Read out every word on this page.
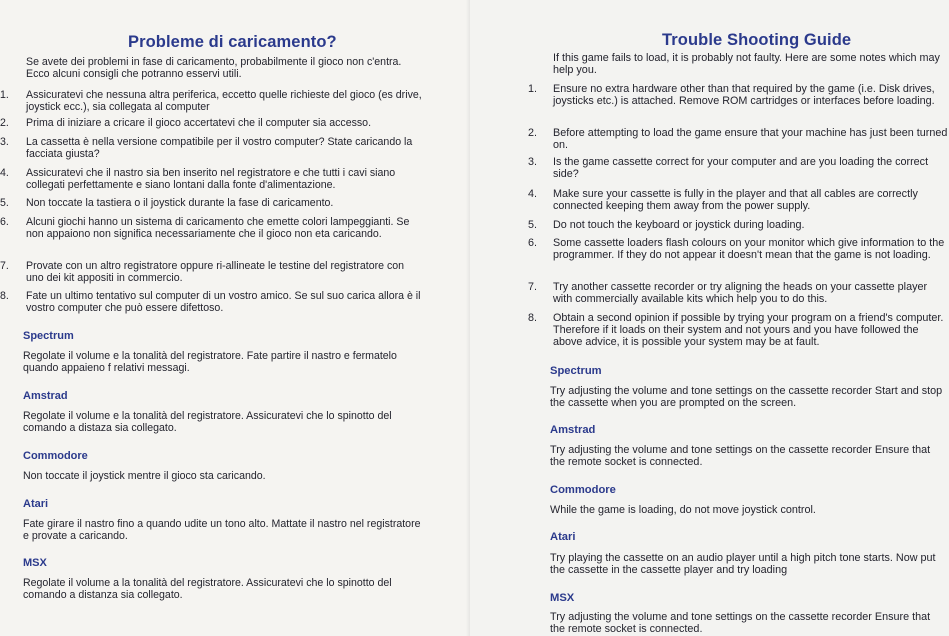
Probleme di caricamento?
Se avete dei problemi in fase di caricamento, probabilmente il gioco non c'entra. Ecco alcuni consigli che potranno esservi utili.
1. Assicuratevi che nessuna altra periferica, eccetto quelle richieste del gioco (es drive, joystick ecc.), sia collegata al computer
2. Prima di iniziare a cricare il gioco accertatevi che il computer sia accesso.
3. La cassetta è nella versione compatibile per il vostro computer? State caricando la facciata giusta?
4. Assicuratevi che il nastro sia ben inserito nel registratore e che tutti i cavi siano collegati perfettamente e siano lontani dalla fonte d'alimentazione.
5. Non toccate la tastiera o il joystick durante la fase di caricamento.
6. Alcuni giochi hanno un sistema di caricamento che emette colori lampeggianti. Se non appaiono non significa necessariamente che il gioco non eta caricando.
7. Provate con un altro registratore oppure ri-allineate le testine del registratore con uno dei kit appositi in commercio.
8. Fate un ultimo tentativo sul computer di un vostro amico. Se sul suo carica allora è il vostro computer che può essere difettoso.
Spectrum
Regolate il volume e la tonalità del registratore. Fate partire il nastro e fermatelo quando appaieno f relativi messagi.
Amstrad
Regolate il volume e la tonalità del registratore. Assicuratevi che lo spinotto del comando a distaza sia collegato.
Commodore
Non toccate il joystick mentre il gioco sta caricando.
Atari
Fate girare il nastro fino a quando udite un tono alto. Mattate il nastro nel registratore e provate a caricando.
MSX
Regolate il volume a la tonalità del registratore. Assicuratevi che lo spinotto del comando a distanza sia collegato.
Trouble Shooting Guide
If this game fails to load, it is probably not faulty. Here are some notes which may help you.
1. Ensure no extra hardware other than that required by the game (i.e. Disk drives, joysticks etc.) is attached. Remove ROM cartridges or interfaces before loading.
2. Before attempting to load the game ensure that your machine has just been turned on.
3. Is the game cassette correct for your computer and are you loading the correct side?
4. Make sure your cassette is fully in the player and that all cables are correctly connected keeping them away from the power supply.
5. Do not touch the keyboard or joystick during loading.
6. Some cassette loaders flash colours on your monitor which give information to the programmer. If they do not appear it doesn't mean that the game is not loading.
7. Try another cassette recorder or try aligning the heads on your cassette player with commercially available kits which help you to do this.
8. Obtain a second opinion if possible by trying your program on a friend's computer. Therefore if it loads on their system and not yours and you have followed the above advice, it is possible your system may be at fault.
Spectrum
Try adjusting the volume and tone settings on the cassette recorder Start and stop the cassette when you are prompted on the screen.
Amstrad
Try adjusting the volume and tone settings on the cassette recorder Ensure that the remote socket is connected.
Commodore
While the game is loading, do not move joystick control.
Atari
Try playing the cassette on an audio player until a high pitch tone starts. Now put the cassette in the cassette player and try loading
MSX
Try adjusting the volume and tone settings on the cassette recorder Ensure that the remote socket is connected.
